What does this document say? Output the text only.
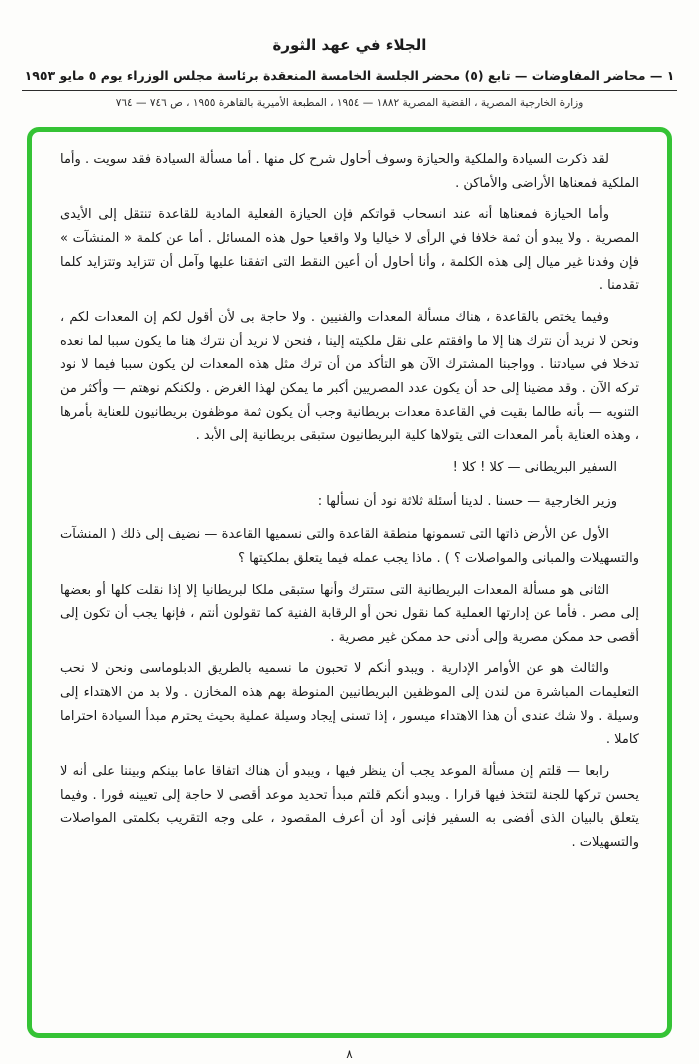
الجلاء في عهد الثورة
١ — محاضر المفاوضات — تابع (٥) محضر الجلسة الخامسة المنعقدة برئاسة مجلس الوزراء يوم ٥ مايو ١٩٥٣
وزارة الخارجية المصرية ، القضية المصرية ١٨٨٢ — ١٩٥٤ ، المطبعة الأميرية بالقاهرة ١٩٥٥ ، ص ٧٤٦ — ٧٦٤

لقد ذكرت السيادة والملكية والحيازة وسوف أحاول شرح كل منها . أما مسألة السيادة فقد سويت . وأما الملكية فمعناها الأراضى والأماكن .

وأما الحيازة فمعناها أنه عند انسحاب قواتكم فإن الحيازة الفعلية المادية للقاعدة تنتقل إلى الأيدى المصرية . ولا يبدو أن ثمة خلافا في الرأى لا خياليا ولا واقعيا حول هذه المسائل . أما عن كلمة « المنشآت » فإن وفدنا غير ميال إلى هذه الكلمة ، وأنا أحاول أن أعين النقط التى اتفقنا عليها وآمل أن تتزايد وتتزايد كلما تقدمنا .

وفيما يختص بالقاعدة ، هناك مسألة المعدات والفنيين . ولا حاجة بى لأن أقول لكم إن المعدات لكم ، ونحن لا نريد أن نترك هنا إلا ما وافقتم على نقل ملكيته إلينا ، فنحن لا نريد أن نترك هنا ما يكون سببا لما نعده تدخلا في سيادتنا . وواجبنا المشترك الآن هو التأكد من أن ترك مثل هذه المعدات لن يكون سببا فيما لا نود تركه الآن . وقد مضينا إلى حد أن يكون عدد المصريين أكبر ما يمكن لهذا الغرض . ولكنكم نوهتم — وأكثر من التنويه — بأنه طالما بقيت في القاعدة معدات بريطانية وجب أن يكون ثمة موظفون بريطانيون للعناية بأمرها ، وهذه العناية بأمر المعدات التى يتولاها كلية البريطانيون ستبقى بريطانية إلى الأبد .

السفير البريطانى — كلا ! كلا !

وزير الخارجية — حسنا . لدينا أسئلة ثلاثة نود أن نسألها :

الأول عن الأرض ذاتها التى تسمونها منطقة القاعدة والتى نسميها القاعدة — نضيف إلى ذلك ( المنشآت والتسهيلات والمبانى والمواصلات ؟ ) . ماذا يجب عمله فيما يتعلق بملكيتها ؟

الثانى هو مسألة المعدات البريطانية التى ستترك وأنها ستبقى ملكا لبريطانيا إلا إذا نقلت كلها أو بعضها إلى مصر . فأما عن إدارتها العملية كما نقول نحن أو الرقابة الفنية كما تقولون أنتم ، فإنها يجب أن تكون إلى أقصى حد ممكن مصرية وإلى أدنى حد ممكن غير مصرية .

والثالث هو عن الأوامر الإدارية . ويبدو أنكم لا تحبون ما نسميه بالطريق الدبلوماسى ونحن لا نحب التعليمات المباشرة من لندن إلى الموظفين البريطانيين المنوطة بهم هذه المخازن . ولا بد من الاهتداء إلى وسيلة . ولا شك عندى أن هذا الاهتداء ميسور ، إذا تسنى إيجاد وسيلة عملية بحيث يحترم مبدأ السيادة احتراما كاملا .

رابعا — قلتم إن مسألة الموعد يجب أن ينظر فيها ، ويبدو أن هناك اتفاقا عاما بينكم وبيننا على أنه لا يحسن تركها للجنة لتتخذ فيها قرارا . ويبدو أنكم قلتم مبدأ تحديد موعد أقصى لا حاجة إلى تعيينه فورا . وفيما يتعلق بالبيان الذى أفضى به السفير فإنى أود أن أعرف المقصود ، على وجه التقريب بكلمتى المواصلات والتسهيلات .

٨
